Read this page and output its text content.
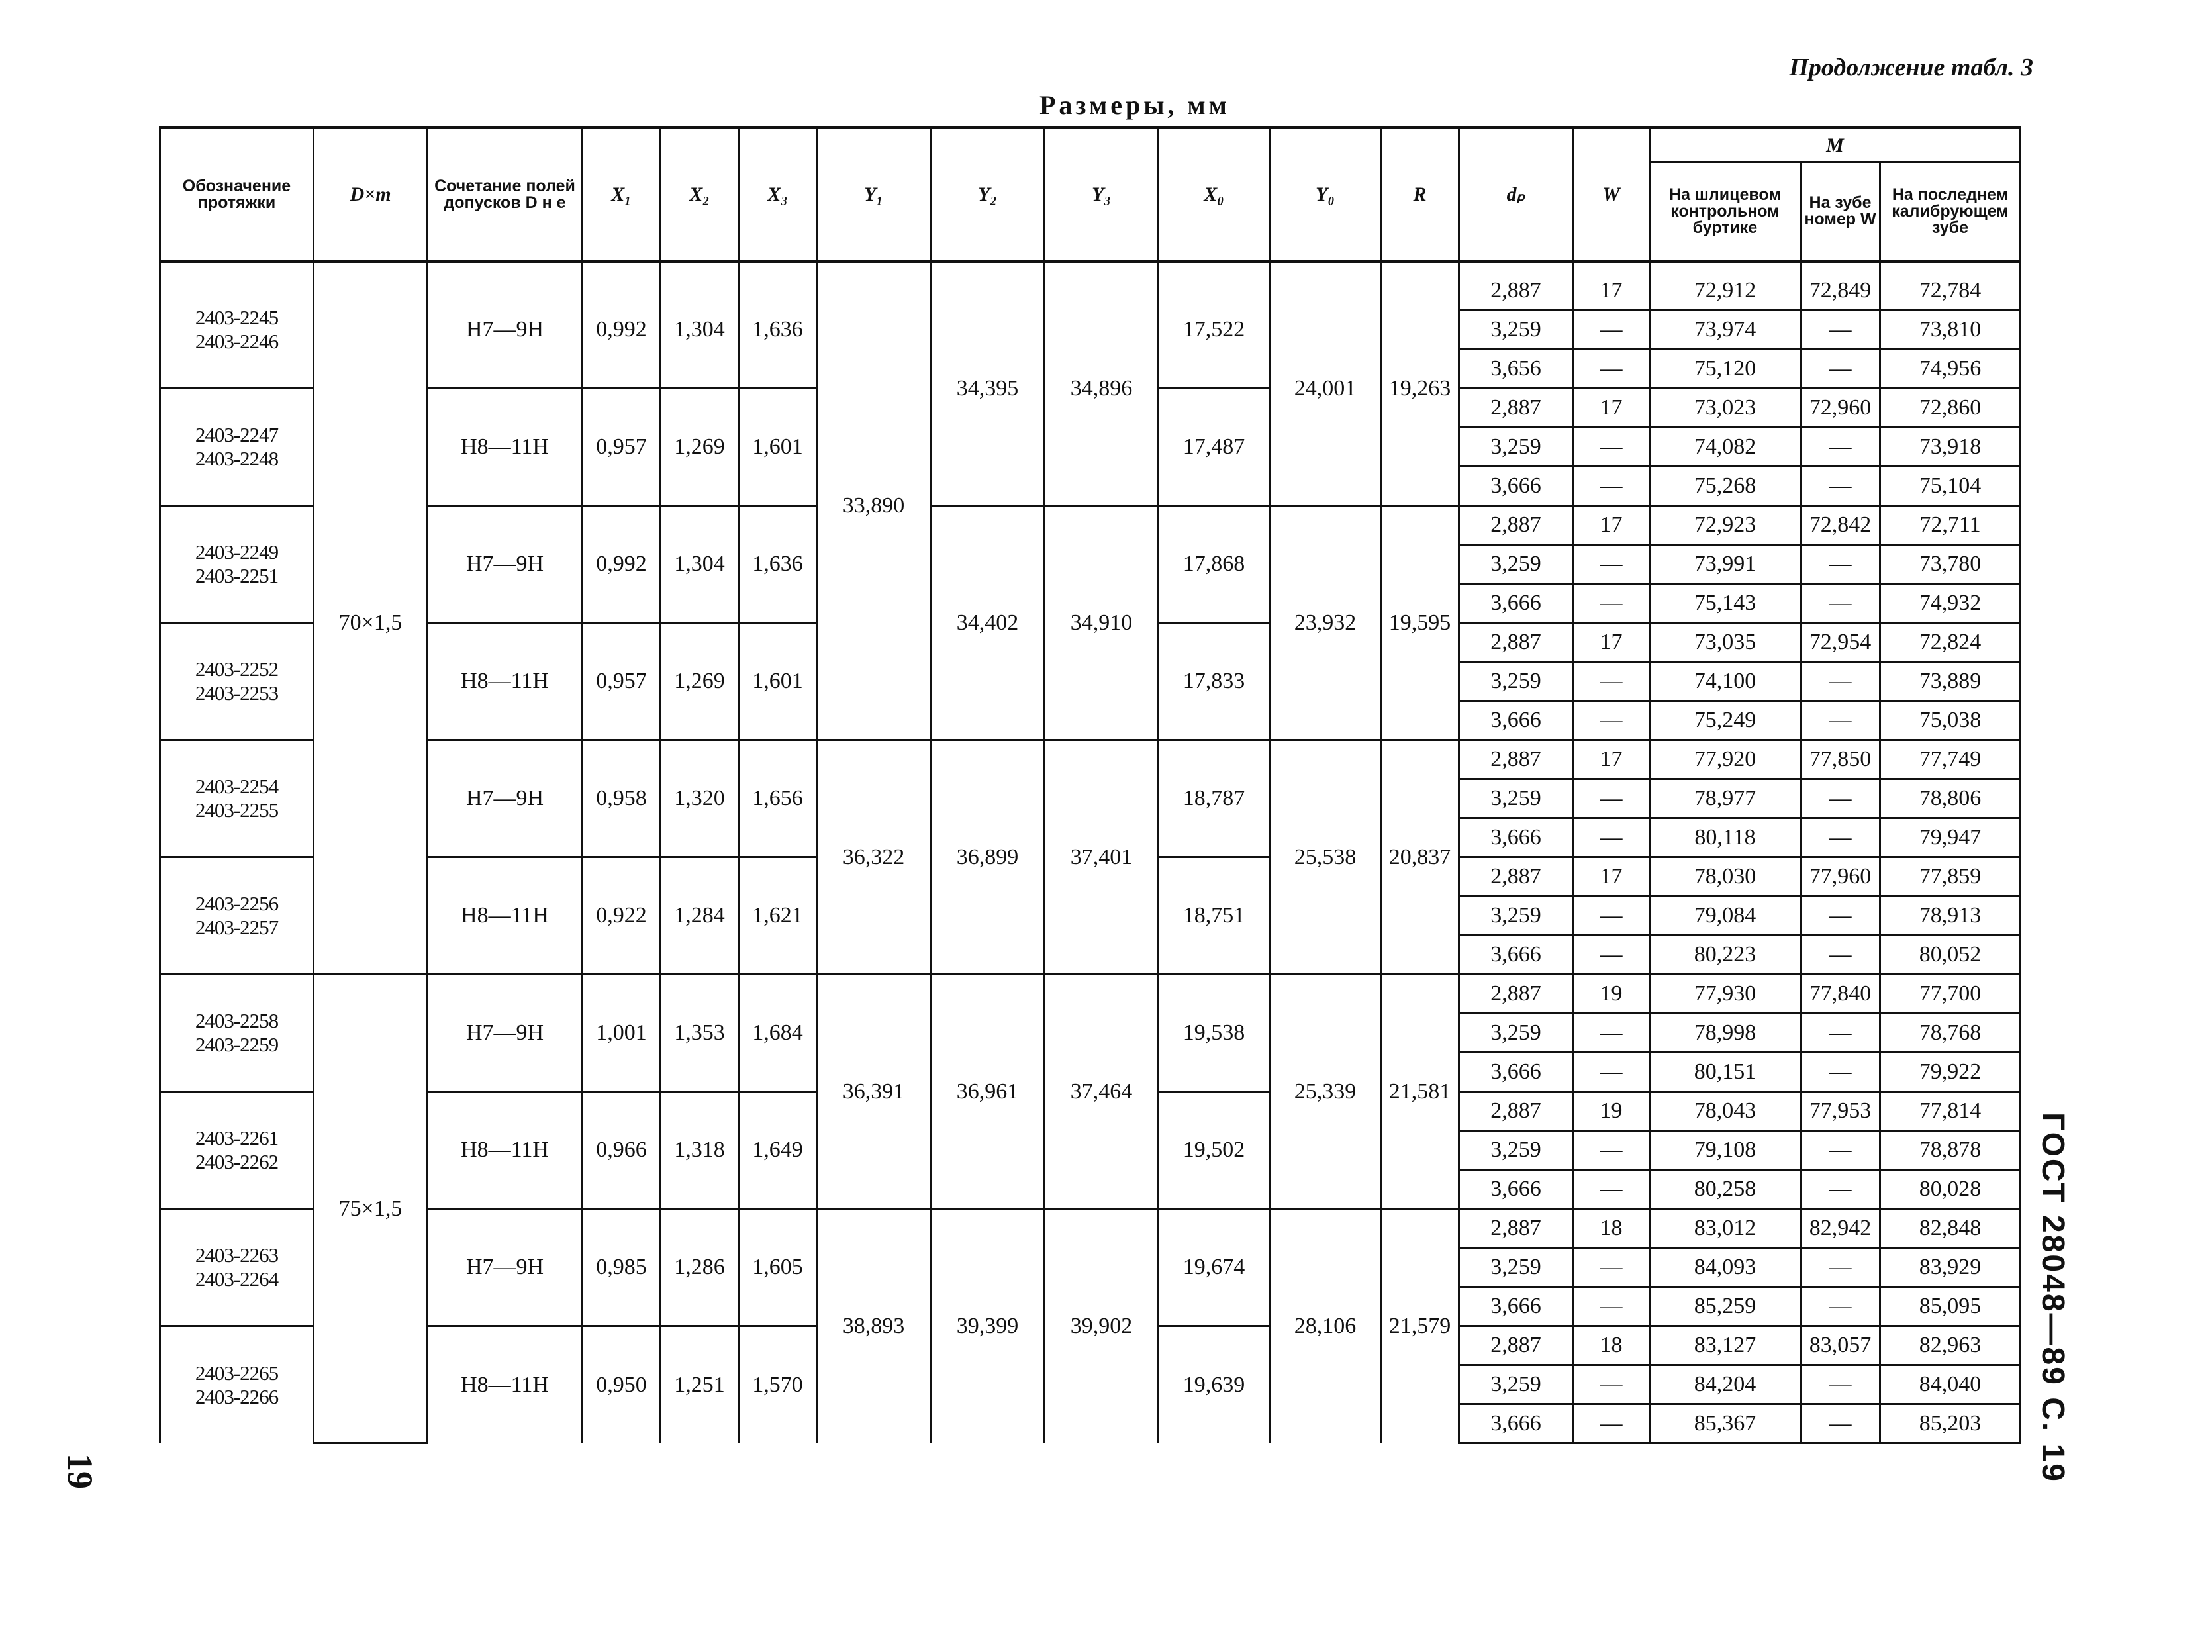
Продолжение табл. 3
Размеры, мм
ГОСТ 28048—89 С. 19
19
Обозначение протяжки	D×m	Сочетание полей допусков D н е	X₁	X₂	X₃	Y₁	Y₂	Y₃	X₀	Y₀	R	dₚ	W	M		
														На шлицевом контрольном буртике	На зубе номер W	На последнем калибрующем зубе

2403-2245
2403-2246	70×1,5	H7—9H	0,992	1,304	1,636	33,890	34,395	34,896	17,522	24,001	19,263	2,887	17	72,912	72,849	72,784
												3,259	—	73,974	—	73,810
												3,656	—	75,120	—	74,956

2403-2247
2403-2248		H8—11H	0,957	1,269	1,601				17,487			2,887	17	73,023	72,960	72,860
												3,259	—	74,082	—	73,918
												3,666	—	75,268	—	75,104

2403-2249
2403-2251		H7—9H	0,992	1,304	1,636		34,402	34,910	17,868	23,932	19,595	2,887	17	72,923	72,842	72,711
												3,259	—	73,991	—	73,780
												3,666	—	75,143	—	74,932

2403-2252
2403-2253		H8—11H	0,957	1,269	1,601				17,833			2,887	17	73,035	72,954	72,824
												3,259	—	74,100	—	73,889
												3,666	—	75,249	—	75,038

2403-2254
2403-2255		H7—9H	0,958	1,320	1,656	36,322	36,899	37,401	18,787	25,538	20,837	2,887	17	77,920	77,850	77,749
												3,259	—	78,977	—	78,806
												3,666	—	80,118	—	79,947

2403-2256
2403-2257		H8—11H	0,922	1,284	1,621				18,751			2,887	17	78,030	77,960	77,859
												3,259	—	79,084	—	78,913
												3,666	—	80,223	—	80,052

2403-2258
2403-2259	75×1,5	H7—9H	1,001	1,353	1,684	36,391	36,961	37,464	19,538	25,339	21,581	2,887	19	77,930	77,840	77,700
												3,259	—	78,998	—	78,768
												3,666	—	80,151	—	79,922

2403-2261
2403-2262		H8—11H	0,966	1,318	1,649				19,502			2,887	19	78,043	77,953	77,814
												3,259	—	79,108	—	78,878
												3,666	—	80,258	—	80,028

2403-2263
2403-2264		H7—9H	0,985	1,286	1,605	38,893	39,399	39,902	19,674	28,106	21,579	2,887	18	83,012	82,942	82,848
												3,259	—	84,093	—	83,929
												3,666	—	85,259	—	85,095

2403-2265
2403-2266		H8—11H	0,950	1,251	1,570				19,639			2,887	18	83,127	83,057	82,963
												3,259	—	84,204	—	84,040
												3,666	—	85,367	—	85,203
